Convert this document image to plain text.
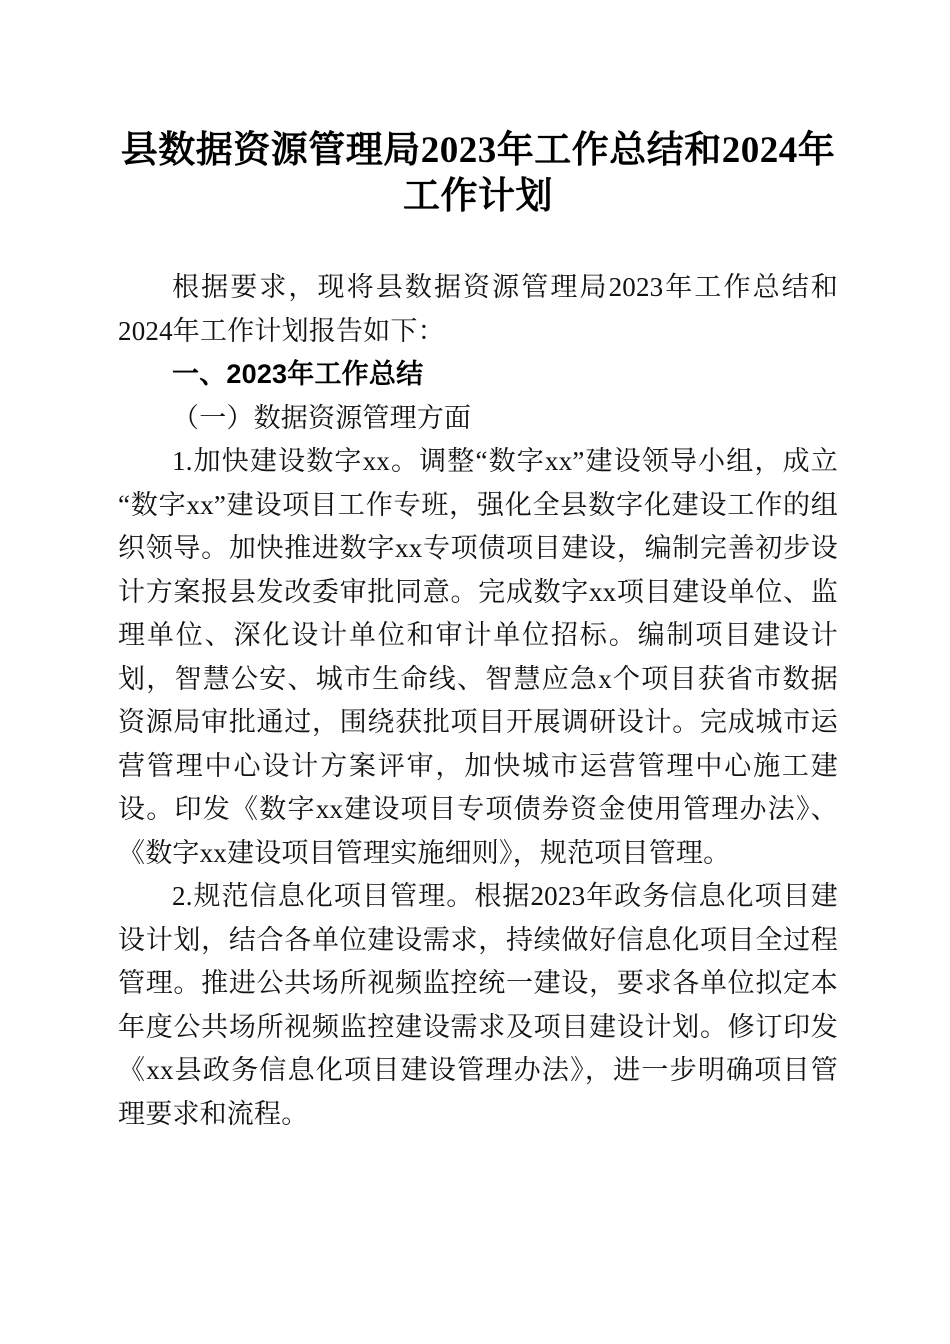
县数据资源管理局2023年工作总结和2024年
工作计划

根据要求，现将县数据资源管理局2023年工作总结和2024年工作计划报告如下：

一、2023年工作总结

（一）数据资源管理方面

1.加快建设数字xx。调整“数字xx”建设领导小组，成立“数字xx”建设项目工作专班，强化全县数字化建设工作的组织领导。加快推进数字xx专项债项目建设，编制完善初步设计方案报县发改委审批同意。完成数字xx项目建设单位、监理单位、深化设计单位和审计单位招标。编制项目建设计划，智慧公安、城市生命线、智慧应急x个项目获省市数据资源局审批通过，围绕获批项目开展调研设计。完成城市运营管理中心设计方案评审，加快城市运营管理中心施工建设。印发《数字xx建设项目专项债券资金使用管理办法》、《数字xx建设项目管理实施细则》，规范项目管理。

2.规范信息化项目管理。根据2023年政务信息化项目建设计划，结合各单位建设需求，持续做好信息化项目全过程管理。推进公共场所视频监控统一建设，要求各单位拟定本年度公共场所视频监控建设需求及项目建设计划。修订印发《xx县政务信息化项目建设管理办法》，进一步明确项目管理要求和流程。
